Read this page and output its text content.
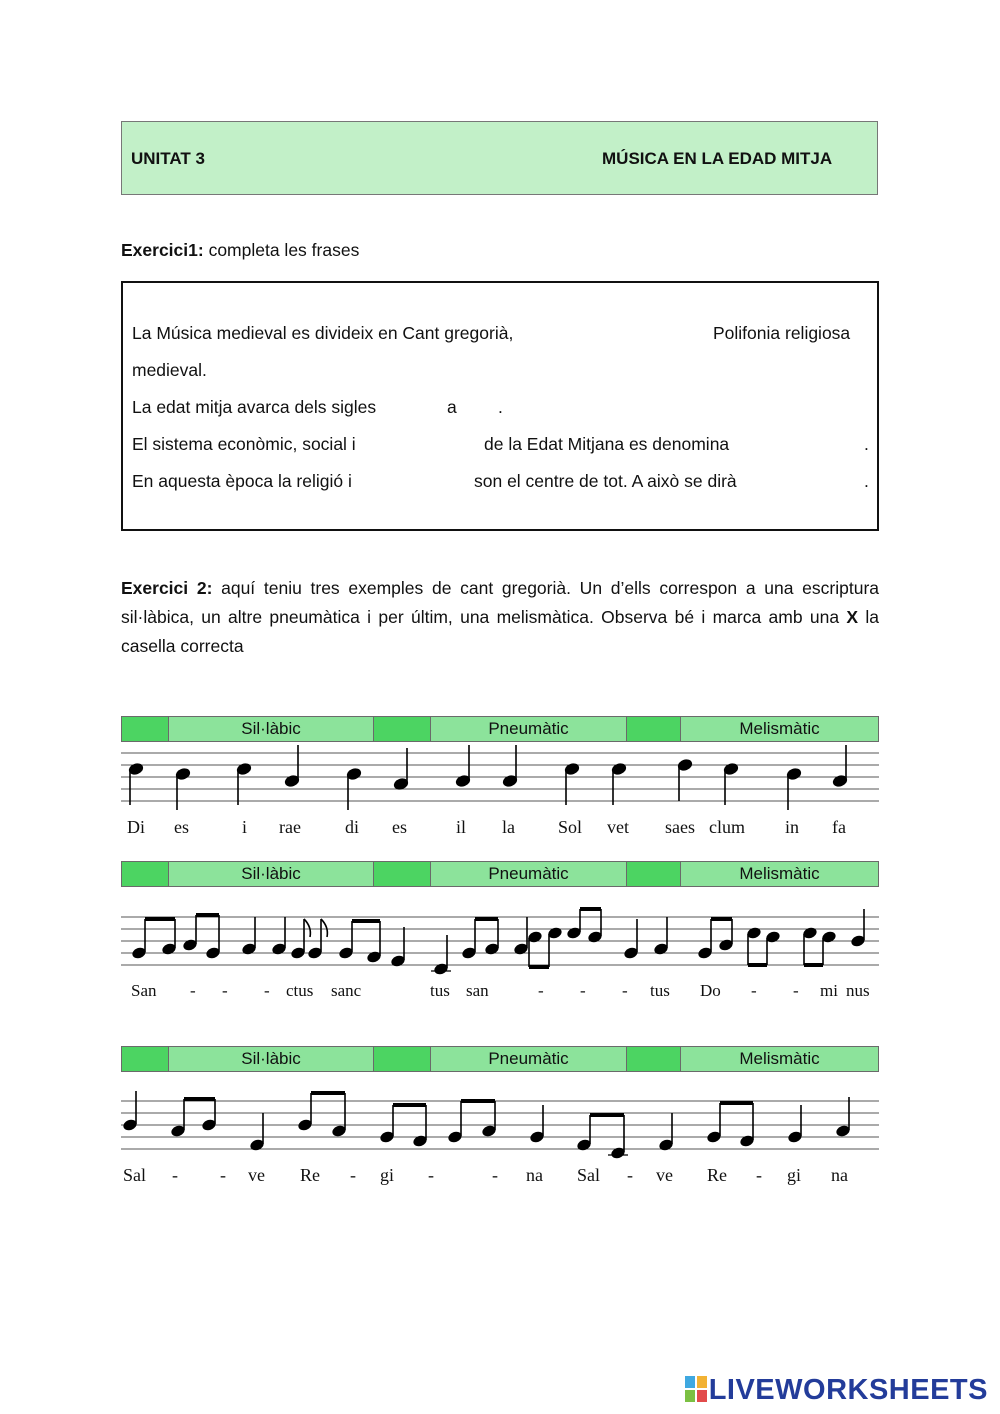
UNITAT 3	MÚSICA EN LA EDAD MITJA
Exercici1: completa les frases
La Música medieval es divideix en Cant gregorià,	Polifonia religiosa
medieval.
La edat mitja avarca dels sigles	a .
El sistema econòmic, social i	de la Edat Mitjana es denomina	.
En aquesta època la religió i	son el centre de tot. A això se dirà	.
Exercici 2: aquí teniu tres exemples de cant gregorià. Un d’ells correspon a una escriptura sil·làbica, un altre pneumàtica i per últim, una melismàtica. Observa bé i marca amb una X la casella correcta
Sil·làbic	Pneumàtic	Melismàtic
Di es	i rae di es	il la Sol vet saes clum in fa
Sil·làbic	Pneumàtic	Melismàtic
San - - - ctus sanc	tus san	- - - tus Do - - mi nus
Sil·làbic	Pneumàtic	Melismàtic
Sal - - ve Re - gi -	- na Sal - ve Re - gi na
LIVEWORKSHEETS
